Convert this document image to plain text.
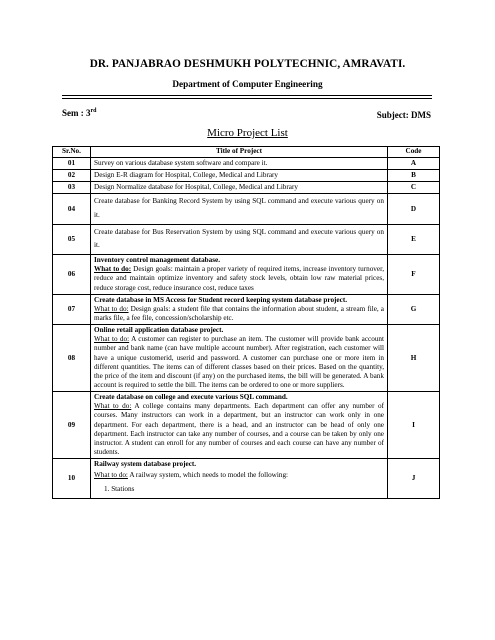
DR. PANJABRAO DESHMUKH POLYTECHNIC, AMRAVATI.
Department of Computer Engineering
Sem : 3rd	Subject: DMS
Micro Project List
Sr.No.	Title of Project	Code
01	Survey on various database system software and compare it.	A
02	Design E-R diagram for Hospital, College, Medical and Library	B
03	Design Normalize database for Hospital, College, Medical and Library	C
04	Create database for Banking Record System by using SQL command and execute various query on it.	D
05	Create database for Bus Reservation System by using SQL command and execute various query on it.	E
06	Inventory control management database.
What to do: Design goals: maintain a proper variety of required items, increase inventory turnover, reduce and maintain optimize inventory and safety stock levels, obtain low raw material prices, reduce storage cost, reduce insurance cost, reduce taxes	F
07	Create database in MS Access for Student record keeping system database project.
What to do: Design goals: a student file that contains the information about student, a stream file, a marks file, a fee file, concession/scholarship etc.	G
08	Online retail application database project.
What to do: A customer can register to purchase an item. The customer will provide bank account number and bank name (can have multiple account number). After registration, each customer will have a unique customerid, userid and password. A customer can purchase one or more item in different quantities. The items can of different classes based on their prices. Based on the quantity, the price of the item and discount (if any) on the purchased items, the bill will be generated. A bank account is required to settle the bill. The items can be ordered to one or more suppliers.	H
09	Create database on college and execute various SQL command.
What to do: A college contains many departments. Each department can offer any number of courses. Many instructors can work in a department, but an instructor can work only in one department. For each department, there is a head, and an instructor can be head of only one department. Each instructor can take any number of courses, and a course can be taken by only one instructor. A student can enroll for any number of courses and each course can have any number of students.	I
10	Railway system database project.
What to do: A railway system, which needs to model the following:
1. Stations	J
